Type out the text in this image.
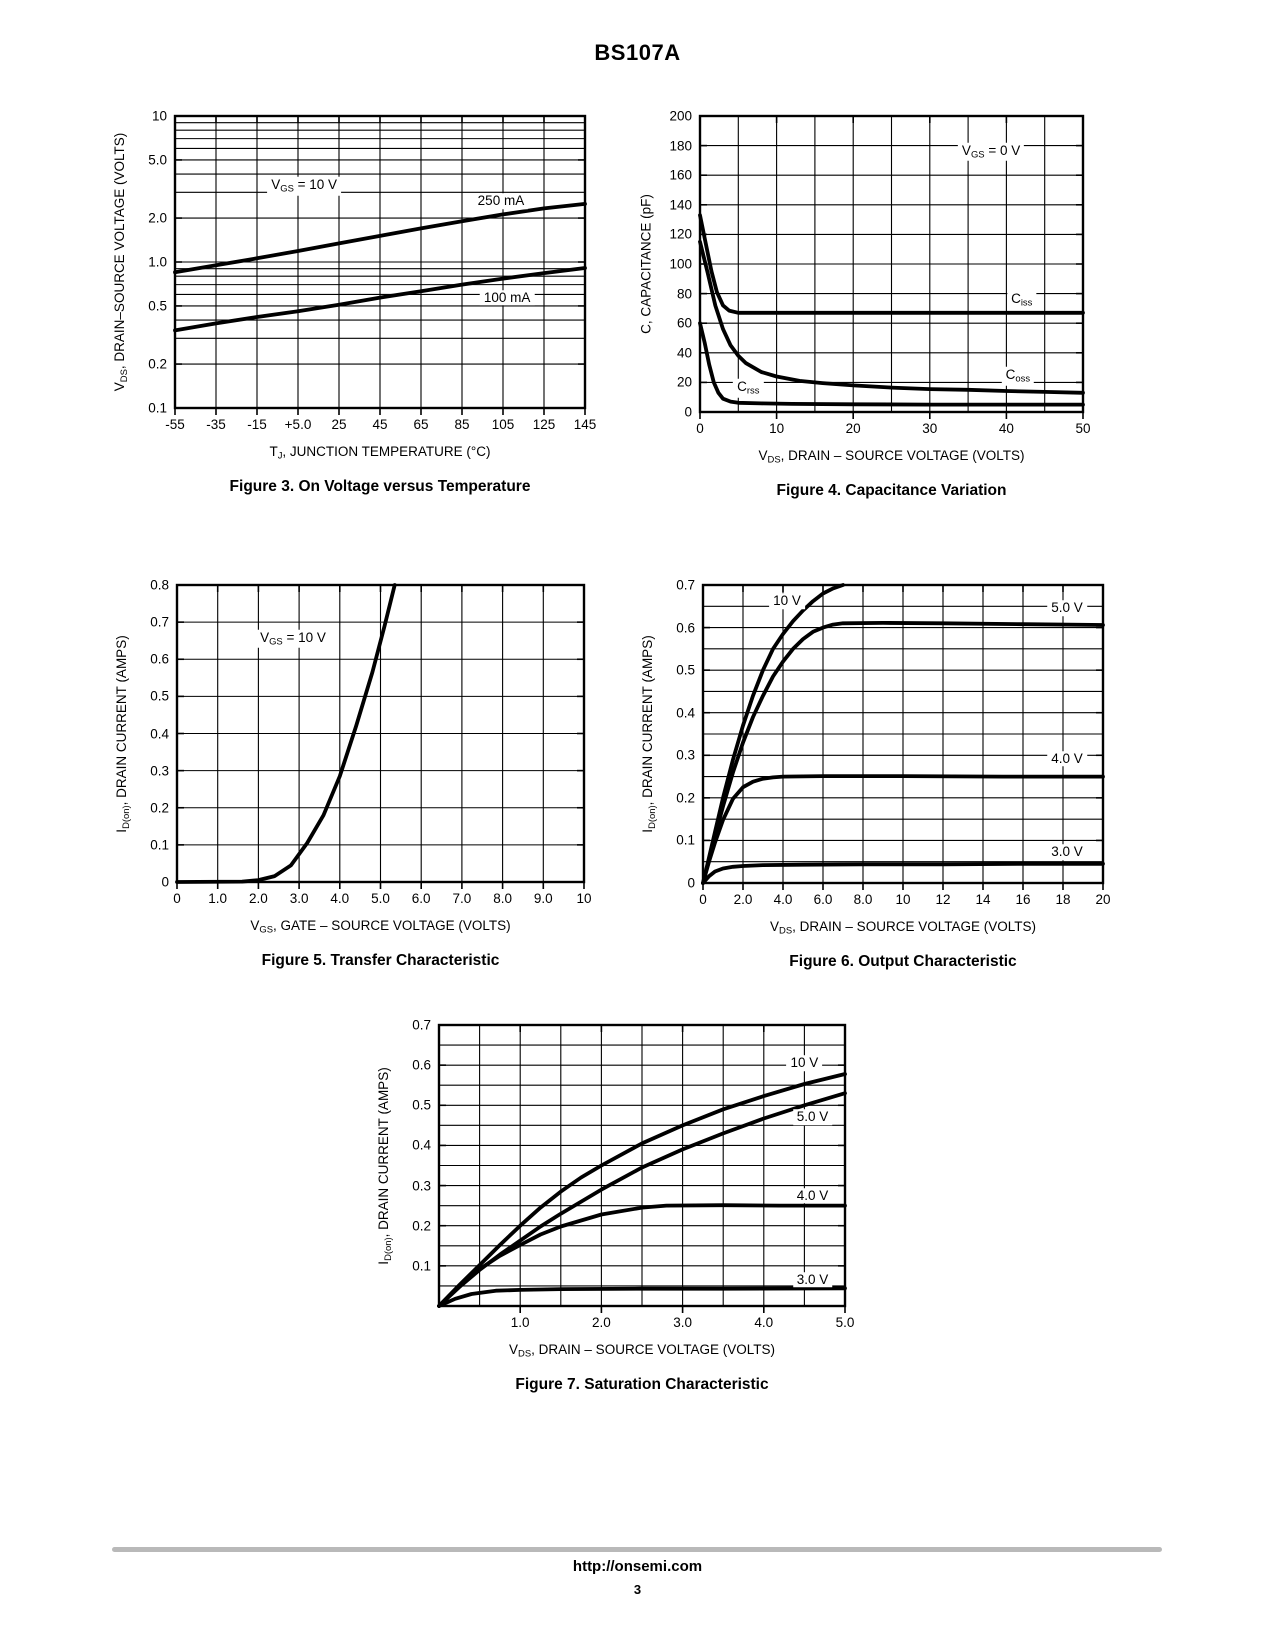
BS107A
VDS, DRAIN–SOURCE VOLTAGE (VOLTS)
TJ, JUNCTION TEMPERATURE (°C)
Figure 3. On Voltage versus Temperature
-55 -35 -15 +5.0 25 45 65 85 105 125 145
0.1
0.2
0.5
1.0
2.0
5.0
10
VGS = 10 V
250 mA
100 mA	C, CAPACITANCE (pF)
VDS, DRAIN – SOURCE VOLTAGE (VOLTS)
Figure 4. Capacitance Variation
0	10	20	30	40	50
0
20
40
60
80
100
120
140
160
180
200
VGS = 0 V
Ciss
Coss
Crss
ID(on), DRAIN CURRENT (AMPS)
VGS, GATE – SOURCE VOLTAGE (VOLTS)
Figure 5. Transfer Characteristic
0 1.0 2.0 3.0 4.0 5.0 6.0 7.0 8.0 9.0 10
0
0.1
0.2
0.3
0.4
0.5
0.6
0.7
0.8
VGS = 10 V
ID(on), DRAIN CURRENT (AMPS)
VDS, DRAIN – SOURCE VOLTAGE (VOLTS)
Figure 6. Output Characteristic
0 2.0 4.0 6.0 8.0 10 12 14 16 18 20
0
0.1
0.2
0.3
0.4
0.5
0.6
0.7
10 V	5.0 V
4.0 V
3.0 V
ID(on), DRAIN CURRENT (AMPS)
VDS, DRAIN – SOURCE VOLTAGE (VOLTS)
Figure 7. Saturation Characteristic
1.0	2.0	3.0	4.0	5.0
0.1
0.2
0.3
0.4
0.5
0.6
0.7
10 V
5.0 V
4.0 V
3.0 V
http://onsemi.com
3
